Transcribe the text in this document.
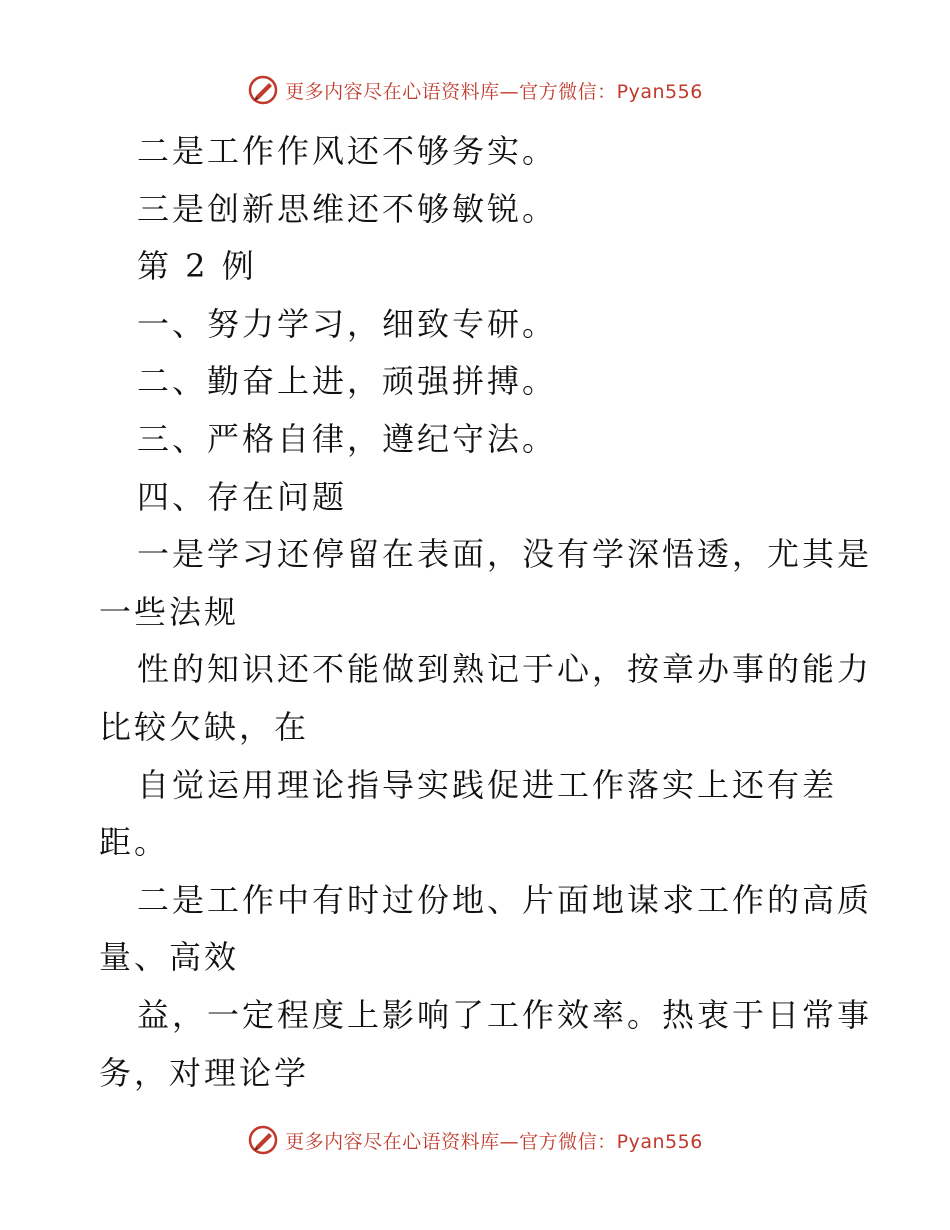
更多内容尽在心语资料库—官方微信：Pyan556
二是工作作风还不够务实。
三是创新思维还不够敏锐。
第 2 例
一、努力学习，细致专研。
二、勤奋上进，顽强拼搏。
三、严格自律，遵纪守法。
四、存在问题
一是学习还停留在表面，没有学深悟透，尤其是
一些法规
性的知识还不能做到熟记于心，按章办事的能力
比较欠缺，在
自觉运用理论指导实践促进工作落实上还有差
距。
二是工作中有时过份地、片面地谋求工作的高质
量、高效
益，一定程度上影响了工作效率。热衷于日常事
务，对理论学
更多内容尽在心语资料库—官方微信：Pyan556
